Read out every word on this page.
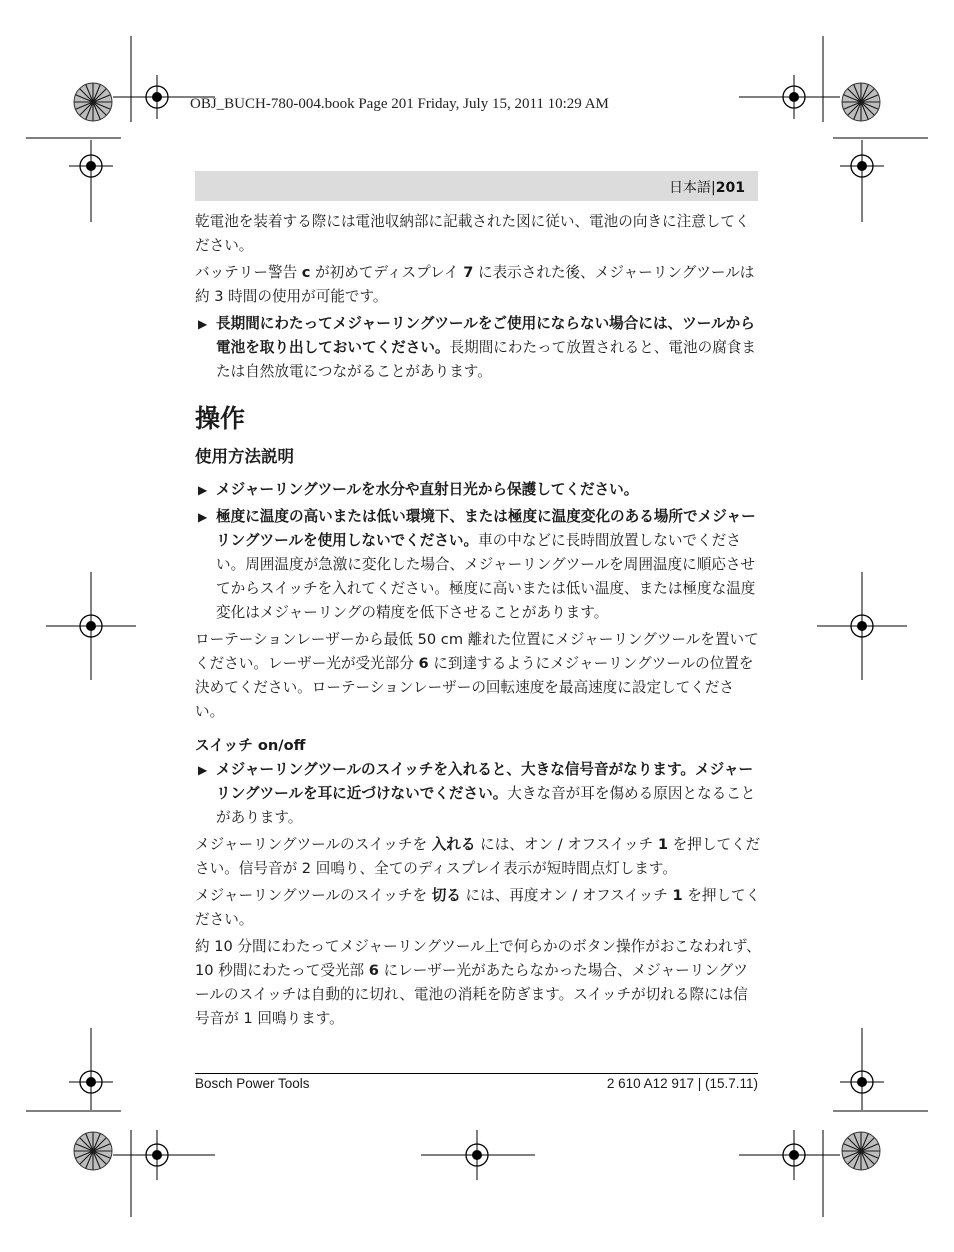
OBJ_BUCH-780-004.book Page 201 Friday, July 15, 2011 10:29 AM
日本語|201

乾電池を装着する際には電池収納部に記載された図に従い、電池の向きに注意してください。

バッテリー警告 c が初めてディスプレイ 7 に表示された後、メジャーリングツールは約 3 時間の使用が可能です。

▶ 長期間にわたってメジャーリングツールをご使用にならない場合には、ツールから電池を取り出しておいてください。長期間にわたって放置されると、電池の腐食または自然放電につながることがあります。
操作
使用方法説明
▶ メジャーリングツールを水分や直射日光から保護してください。
▶ 極度に温度の高いまたは低い環境下、または極度に温度変化のある場所でメジャーリングツールを使用しないでください。車の中などに長時間放置しないでください。周囲温度が急激に変化した場合、メジャーリングツールを周囲温度に順応させてからスイッチを入れてください。極度に高いまたは低い温度、または極度な温度変化はメジャーリングの精度を低下させることがあります。

ローテーションレーザーから最低 50 cm 離れた位置にメジャーリングツールを置いてください。レーザー光が受光部分 6 に到達するようにメジャーリングツールの位置を決めてください。ローテーションレーザーの回転速度を最高速度に設定してください。

スイッチ on/off
▶ メジャーリングツールのスイッチを入れると、大きな信号音がなります。メジャーリングツールを耳に近づけないでください。大きな音が耳を傷める原因となることがあります。

メジャーリングツールのスイッチを 入れる には、オン / オフスイッチ 1 を押してください。信号音が 2 回鳴り、全てのディスプレイ表示が短時間点灯します。

メジャーリングツールのスイッチを 切る には、再度オン / オフスイッチ 1 を押してください。

約 10 分間にわたってメジャーリングツール上で何らかのボタン操作がおこなわれず、10 秒間にわたって受光部 6 にレーザー光があたらなかった場合、メジャーリングツールのスイッチは自動的に切れ、電池の消耗を防ぎます。スイッチが切れる際には信号音が 1 回鳴ります。

Bosch Power Tools	2 610 A12 917 | (15.7.11)
